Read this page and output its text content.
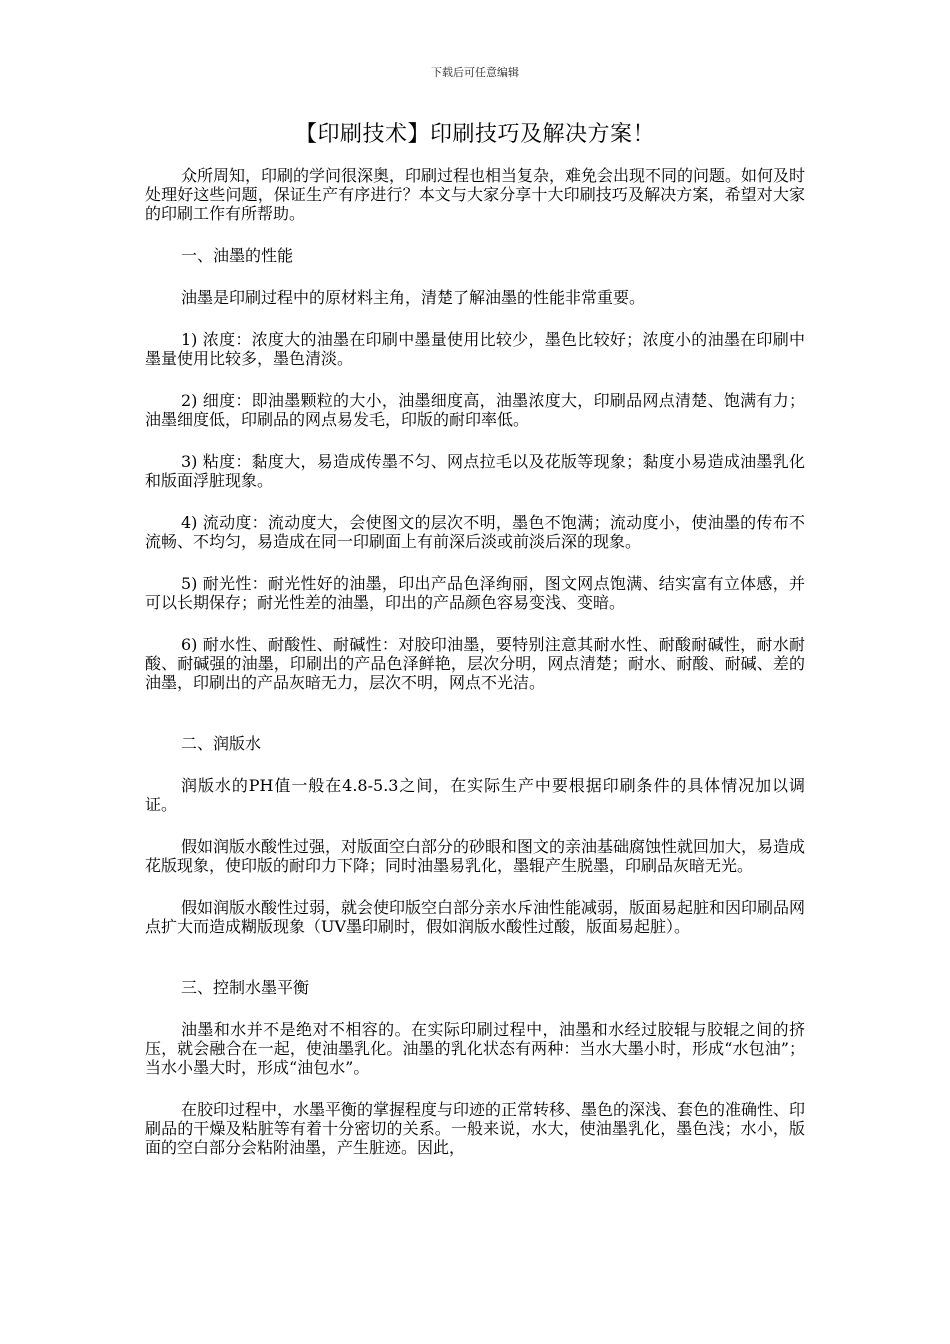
下载后可任意编辑
【印刷技术】印刷技巧及解决方案！

众所周知，印刷的学问很深奥，印刷过程也相当复杂，难免会出现不同的问题。如何及时处理好这些问题，保证生产有序进行？本文与大家分享十大印刷技巧及解决方案，希望对大家的印刷工作有所帮助。

一、油墨的性能

油墨是印刷过程中的原材料主角，清楚了解油墨的性能非常重要。

1) 浓度：浓度大的油墨在印刷中墨量使用比较少，墨色比较好；浓度小的油墨在印刷中墨量使用比较多，墨色清淡。

2) 细度：即油墨颗粒的大小，油墨细度高，油墨浓度大，印刷品网点清楚、饱满有力；油墨细度低，印刷品的网点易发毛，印版的耐印率低。

3) 粘度：黏度大，易造成传墨不匀、网点拉毛以及花版等现象；黏度小易造成油墨乳化和版面浮脏现象。

4) 流动度：流动度大，会使图文的层次不明，墨色不饱满；流动度小，使油墨的传布不流畅、不均匀，易造成在同一印刷面上有前深后淡或前淡后深的现象。

5) 耐光性：耐光性好的油墨，印出产品色泽绚丽，图文网点饱满、结实富有立体感，并可以长期保存；耐光性差的油墨，印出的产品颜色容易变浅、变暗。

6) 耐水性、耐酸性、耐碱性：对胶印油墨，要特别注意其耐水性、耐酸耐碱性，耐水耐酸、耐碱强的油墨，印刷出的产品色泽鲜艳，层次分明，网点清楚；耐水、耐酸、耐碱、差的油墨，印刷出的产品灰暗无力，层次不明，网点不光洁。

二、润版水

润版水的PH值一般在4.8-5.3之间，在实际生产中要根据印刷条件的具体情况加以调证。

假如润版水酸性过强，对版面空白部分的砂眼和图文的亲油基础腐蚀性就回加大，易造成花版现象，使印版的耐印力下降；同时油墨易乳化，墨辊产生脱墨，印刷品灰暗无光。

假如润版水酸性过弱，就会使印版空白部分亲水斥油性能减弱，版面易起脏和因印刷品网点扩大而造成糊版现象（UV墨印刷时，假如润版水酸性过酸，版面易起脏）。

三、控制水墨平衡

油墨和水并不是绝对不相容的。在实际印刷过程中，油墨和水经过胶辊与胶辊之间的挤压，就会融合在一起，使油墨乳化。油墨的乳化状态有两种：当水大墨小时，形成“水包油”；当水小墨大时，形成“油包水”。

在胶印过程中，水墨平衡的掌握程度与印迹的正常转移、墨色的深浅、套色的准确性、印刷品的干燥及粘脏等有着十分密切的关系。一般来说，水大，使油墨乳化，墨色浅；水小，版面的空白部分会粘附油墨，产生脏迹。因此，
